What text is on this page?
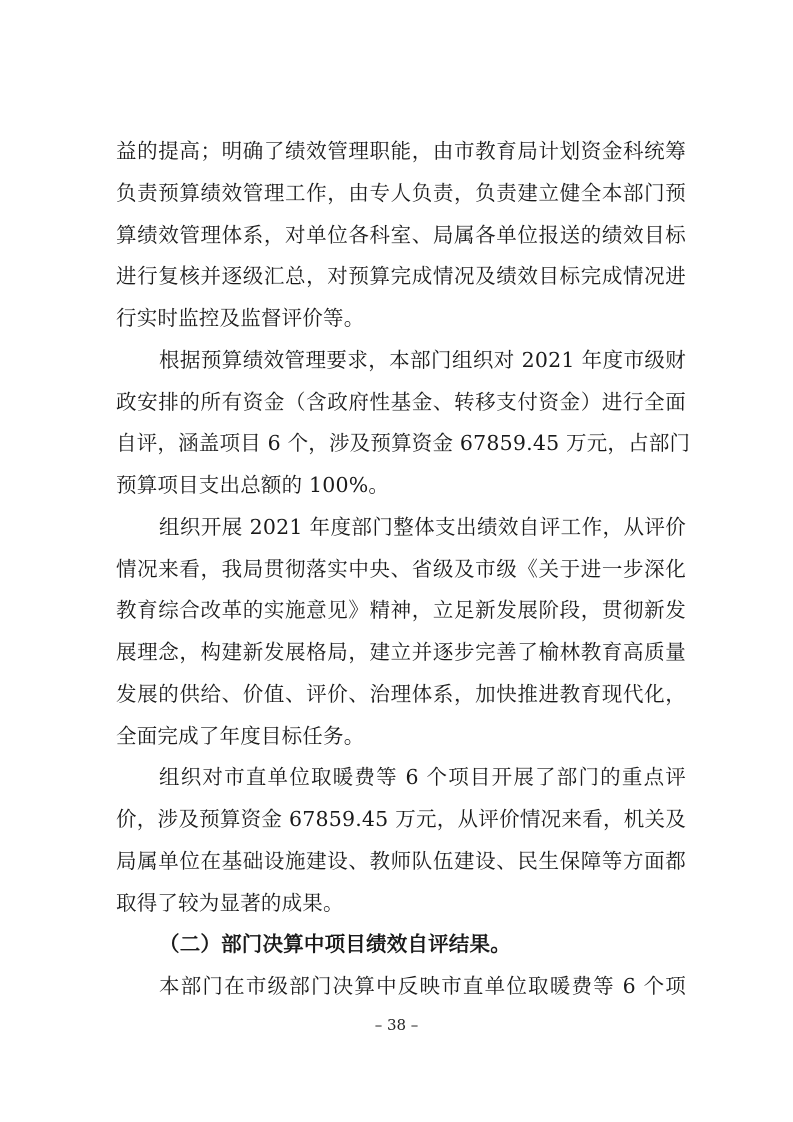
益的提高；明确了绩效管理职能，由市教育局计划资金科统筹
负责预算绩效管理工作，由专人负责，负责建立健全本部门预
算绩效管理体系，对单位各科室、局属各单位报送的绩效目标
进行复核并逐级汇总，对预算完成情况及绩效目标完成情况进
行实时监控及监督评价等。
根据预算绩效管理要求，本部门组织对 2021 年度市级财
政安排的所有资金（含政府性基金、转移支付资金）进行全面
自评，涵盖项目 6 个，涉及预算资金 67859.45 万元，占部门
预算项目支出总额的 100%。
组织开展 2021 年度部门整体支出绩效自评工作，从评价
情况来看，我局贯彻落实中央、省级及市级《关于进一步深化
教育综合改革的实施意见》精神，立足新发展阶段，贯彻新发
展理念，构建新发展格局，建立并逐步完善了榆林教育高质量
发展的供给、价值、评价、治理体系，加快推进教育现代化，
全面完成了年度目标任务。
组织对市直单位取暖费等 6 个项目开展了部门的重点评
价，涉及预算资金 67859.45 万元，从评价情况来看，机关及
局属单位在基础设施建设、教师队伍建设、民生保障等方面都
取得了较为显著的成果。
（二）部门决算中项目绩效自评结果。
本部门在市级部门决算中反映市直单位取暖费等 6 个项
– 38 –
